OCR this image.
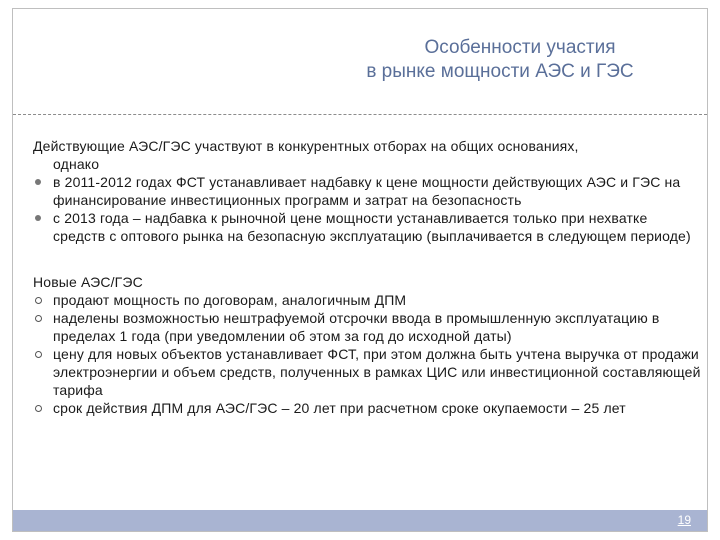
Особенности участия
в рынке мощности АЭС и ГЭС
Действующие АЭС/ГЭС участвуют в конкурентных отборах на общих основаниях,
однако
в 2011-2012 годах ФСТ устанавливает надбавку к цене мощности действующих АЭС и ГЭС на финансирование инвестиционных программ и затрат на безопасность
с 2013 года – надбавка к рыночной цене мощности устанавливается только при нехватке средств с оптового рынка на безопасную эксплуатацию (выплачивается в следующем периоде)
Новые АЭС/ГЭС
продают мощность по договорам, аналогичным ДПМ
наделены возможностью нештрафуемой отсрочки ввода в промышленную эксплуатацию в пределах 1 года (при уведомлении об этом за год до исходной даты)
цену для новых объектов устанавливает ФСТ, при этом должна быть учтена выручка от продажи электроэнергии и объем средств, полученных в рамках ЦИС или инвестиционной составляющей тарифа
срок действия ДПМ для АЭС/ГЭС – 20 лет при расчетном сроке окупаемости – 25 лет
19
